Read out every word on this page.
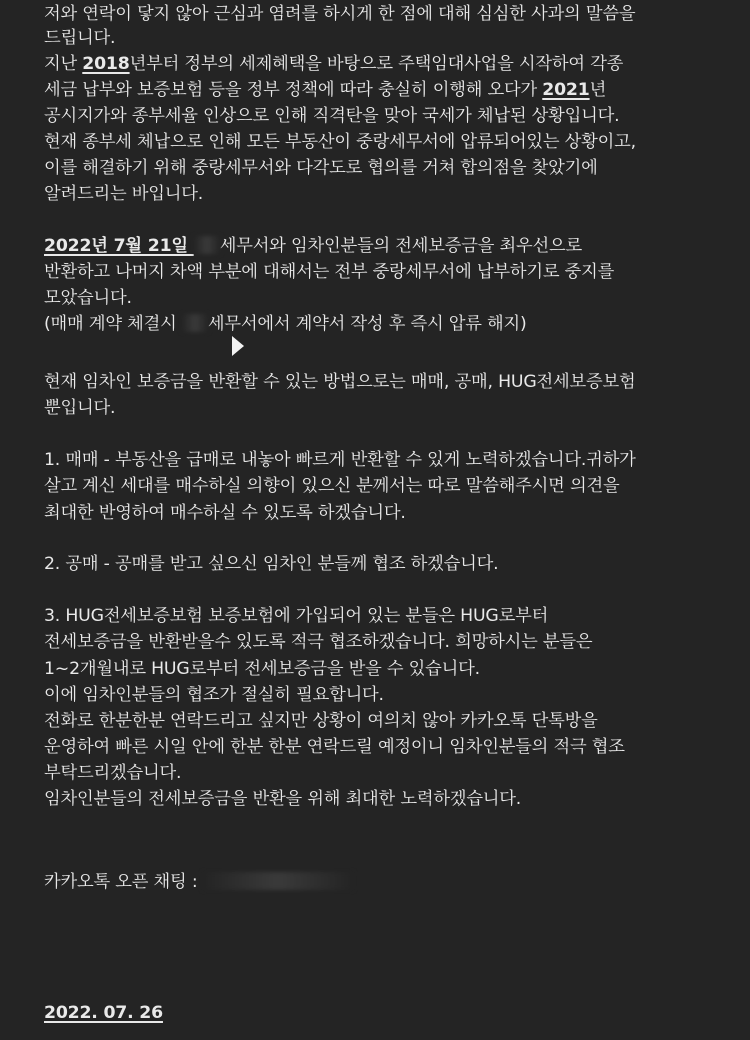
저와 연락이 닿지 않아 근심과 염려를 하시게 한 점에 대해 심심한 사과의 말씀을
드립니다.
지난 2018년부터 정부의 세제혜택을 바탕으로 주택임대사업을 시작하여 각종
세금 납부와 보증보험 등을 정부 정책에 따라 충실히 이행해 오다가 2021년
공시지가와 종부세율 인상으로 인해 직격탄을 맞아 국세가 체납된 상황입니다.
현재 종부세 체납으로 인해 모든 부동산이 중랑세무서에 압류되어있는 상황이고,
이를 해결하기 위해 중랑세무서와 다각도로 협의를 거쳐 합의점을 찾았기에
알려드리는 바입니다.
2022년 7월 21일 세무서와 임차인분들의 전세보증금을 최우선으로
반환하고 나머지 차액 부분에 대해서는 전부 중랑세무서에 납부하기로 중지를
모았습니다.
(매매 계약 체결시 세무서에서 계약서 작성 후 즉시 압류 해지)
현재 임차인 보증금을 반환할 수 있는 방법으로는 매매, 공매, HUG전세보증보험
뿐입니다.
1. 매매 - 부동산을 급매로 내놓아 빠르게 반환할 수 있게 노력하겠습니다.귀하가
살고 계신 세대를 매수하실 의향이 있으신 분께서는 따로 말씀해주시면 의견을
최대한 반영하여 매수하실 수 있도록 하겠습니다.
2. 공매 - 공매를 받고 싶으신 임차인 분들께 협조 하겠습니다.
3. HUG전세보증보험 보증보험에 가입되어 있는 분들은 HUG로부터
전세보증금을 반환받을수 있도록 적극 협조하겠습니다. 희망하시는 분들은
1~2개월내로 HUG로부터 전세보증금을 받을 수 있습니다.
이에 임차인분들의 협조가 절실히 필요합니다.
전화로 한분한분 연락드리고 싶지만 상황이 여의치 않아 카카오톡 단톡방을
운영하여 빠른 시일 안에 한분 한분 연락드릴 예정이니 임차인분들의 적극 협조
부탁드리겠습니다.
임차인분들의 전세보증금을 반환을 위해 최대한 노력하겠습니다.
카카오톡 오픈 채팅 :
2022. 07. 26
